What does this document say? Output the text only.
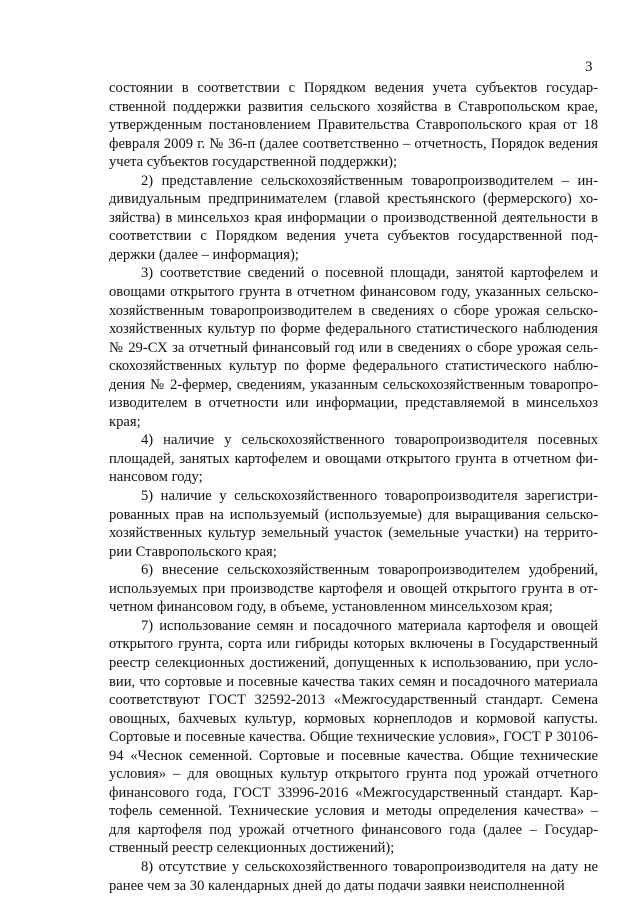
3

состоянии в соответствии с Порядком ведения учета субъектов государственной поддержки развития сельского хозяйства в Ставропольском крае, утвержденным постановлением Правительства Ставропольского края от 18 февраля 2009 г. № 36-п (далее соответственно – отчетность, Порядок ведения учета субъектов государственной поддержки);

2) представление сельскохозяйственным товаропроизводителем – индивидуальным предпринимателем (главой крестьянского (фермерского) хозяйства) в минсельхоз края информации о производственной деятельности в соответствии с Порядком ведения учета субъектов государственной поддержки (далее – информация);

3) соответствие сведений о посевной площади, занятой картофелем и овощами открытого грунта в отчетном финансовом году, указанных сельскохозяйственным товаропроизводителем в сведениях о сборе урожая сельскохозяйственных культур по форме федерального статистического наблюдения № 29-СХ за отчетный финансовый год или в сведениях о сборе урожая сельскохозяйственных культур по форме федерального статистического наблюдения № 2-фермер, сведениям, указанным сельскохозяйственным товаропроизводителем в отчетности или информации, представляемой в минсельхоз края;

4) наличие у сельскохозяйственного товаропроизводителя посевных площадей, занятых картофелем и овощами открытого грунта в отчетном финансовом году;

5) наличие у сельскохозяйственного товаропроизводителя зарегистрированных прав на используемый (используемые) для выращивания сельскохозяйственных культур земельный участок (земельные участки) на территории Ставропольского края;

6) внесение сельскохозяйственным товаропроизводителем удобрений, используемых при производстве картофеля и овощей открытого грунта в отчетном финансовом году, в объеме, установленном минсельхозом края;

7) использование семян и посадочного материала картофеля и овощей открытого грунта, сорта или гибриды которых включены в Государственный реестр селекционных достижений, допущенных к использованию, при условии, что сортовые и посевные качества таких семян и посадочного материала соответствуют ГОСТ 32592-2013 «Межгосударственный стандарт. Семена овощных, бахчевых культур, кормовых корнеплодов и кормовой капусты. Сортовые и посевные качества. Общие технические условия», ГОСТ Р 30106-94 «Чеснок семенной. Сортовые и посевные качества. Общие технические условия» – для овощных культур открытого грунта под урожай отчетного финансового года, ГОСТ 33996-2016 «Межгосударственный стандарт. Картофель семенной. Технические условия и методы определения качества» – для картофеля под урожай отчетного финансового года (далее – Государственный реестр селекционных достижений);

8) отсутствие у сельскохозяйственного товаропроизводителя на дату не ранее чем за 30 календарных дней до даты подачи заявки неисполненной
